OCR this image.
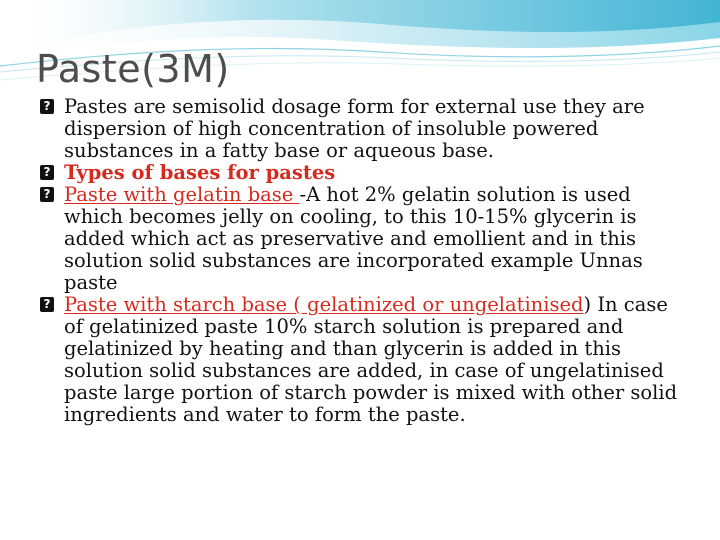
Paste(3M)

? Pastes are semisolid dosage form for external use they are dispersion of high concentration of insoluble powered substances in a fatty base or aqueous base.

? Types of bases for pastes

? Paste with gelatin base -A hot 2% gelatin solution is used which becomes jelly on cooling, to this 10-15% glycerin is added which act as preservative and emollient and in this solution solid substances are incorporated example Unnas paste

? Paste with starch base ( gelatinized or ungelatinised) In case of gelatinized paste 10% starch solution is prepared and gelatinized by heating and than glycerin is added in this solution solid substances are added, in case of ungelatinised paste large portion of starch powder is mixed with other solid ingredients and water to form the paste.
